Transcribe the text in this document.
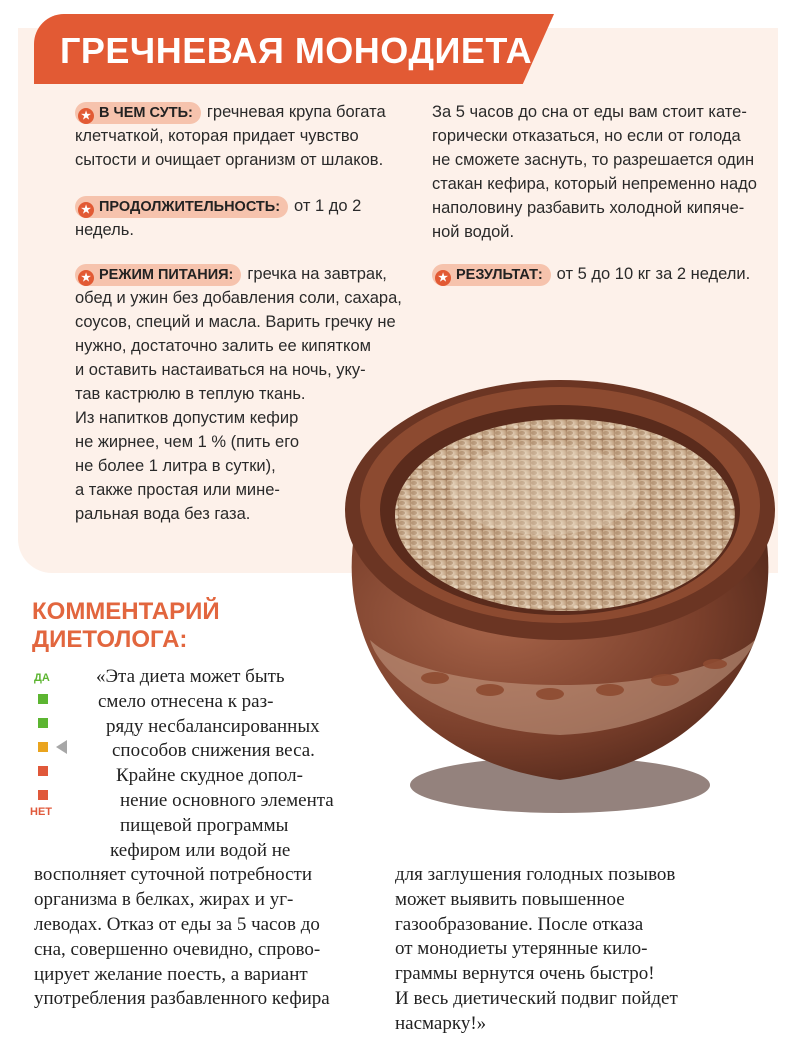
ГРЕЧНЕВАЯ МОНОДИЕТА
★ В ЧЕМ СУТЬ: гречневая крупа богата
клетчаткой, которая придает чувство
сытости и очищает организм от шлаков.
★ ПРОДОЛЖИТЕЛЬНОСТЬ: от 1 до 2
недель.
★ РЕЖИМ ПИТАНИЯ: гречка на завтрак,
обед и ужин без добавления соли, сахара,
соусов, специй и масла. Варить гречку не
нужно, достаточно залить ее кипятком
и оставить настаиваться на ночь, уку-
тав кастрюлю в теплую ткань.
Из напитков допустим кефир
не жирнее, чем 1 % (пить его
не более 1 литра в сутки),
а также простая или мине-
ральная вода без газа.
За 5 часов до сна от еды вам стоит кате-
горически отказаться, но если от голода
не сможете заснуть, то разрешается один
стакан кефира, который непременно надо
наполовину разбавить холодной кипяче-
ной водой.
★ РЕЗУЛЬТАТ: от 5 до 10 кг за 2 недели.
КОММЕНТАРИЙ
ДИЕТОЛОГА:
ДА
НЕТ
«Эта диета может быть
смело отнесена к раз-
ряду несбалансированных
способов снижения веса.
Крайне скудное допол-
нение основного элемента
пищевой программы
кефиром или водой не
восполняет суточной потребности
организма в белках, жирах и уг-
леводах. Отказ от еды за 5 часов до
сна, совершенно очевидно, спрово-
цирует желание поесть, а вариант
употребления разбавленного кефира
для заглушения голодных позывов
может выявить повышенное
газообразование. После отказа
от монодиеты утерянные кило-
граммы вернутся очень быстро!
И весь диетический подвиг пойдет
насмарку!»
